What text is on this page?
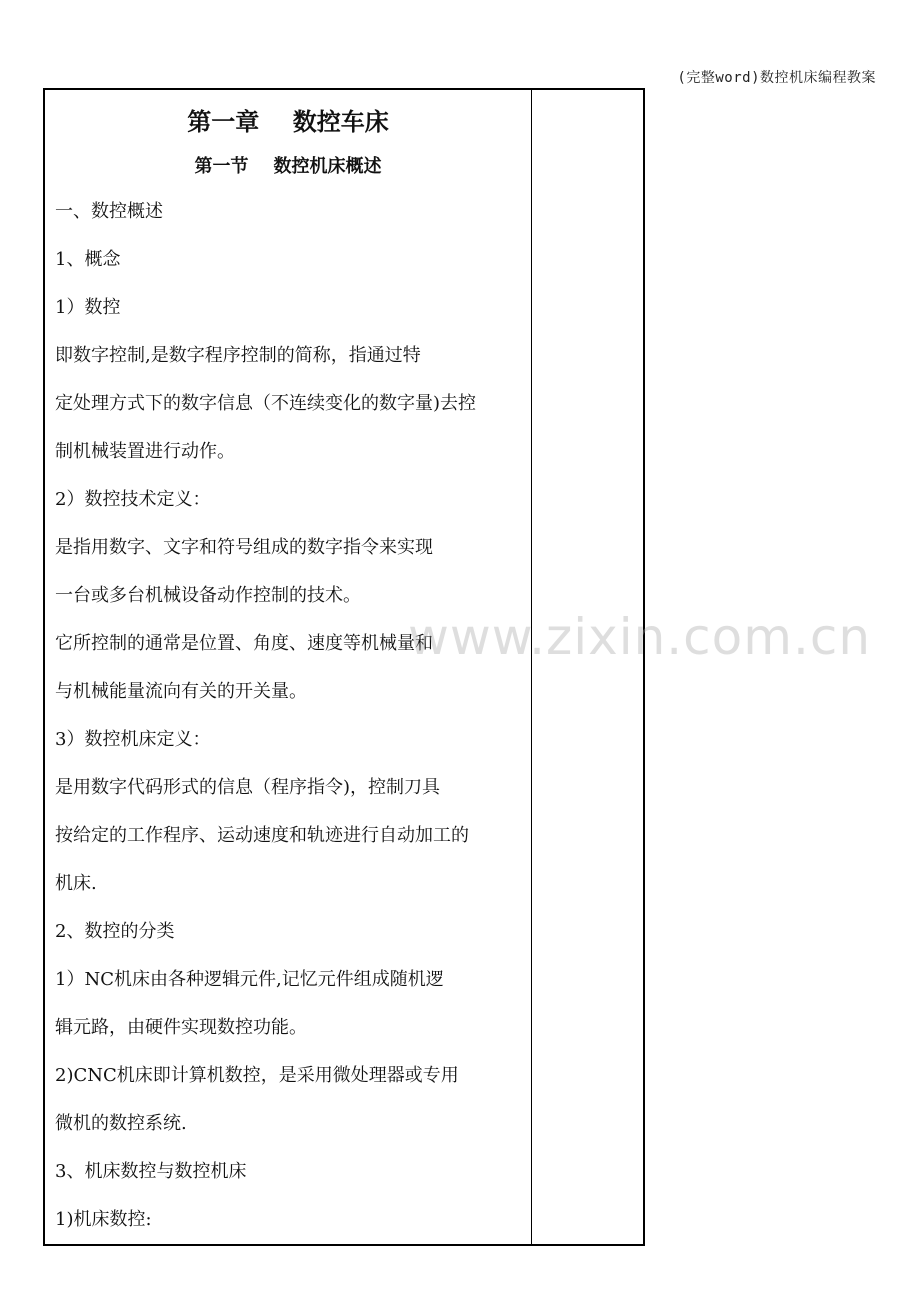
(完整word)数控机床编程教案
第一章    数控车床
第一节    数控机床概述
一、数控概述
1、概念
1）数控
即数字控制,是数字程序控制的简称，指通过特
定处理方式下的数字信息（不连续变化的数字量)去控
制机械装置进行动作。
2）数控技术定义：
是指用数字、文字和符号组成的数字指令来实现
一台或多台机械设备动作控制的技术。
它所控制的通常是位置、角度、速度等机械量和
与机械能量流向有关的开关量。
3）数控机床定义：
是用数字代码形式的信息（程序指令)，控制刀具
按给定的工作程序、运动速度和轨迹进行自动加工的
机床.
2、数控的分类
1）NC机床由各种逻辑元件,记忆元件组成随机逻
辑元路，由硬件实现数控功能。
2)CNC机床即计算机数控，是采用微处理器或专用
微机的数控系统.
3、机床数控与数控机床
1)机床数控:
www.zixin.com.cn
